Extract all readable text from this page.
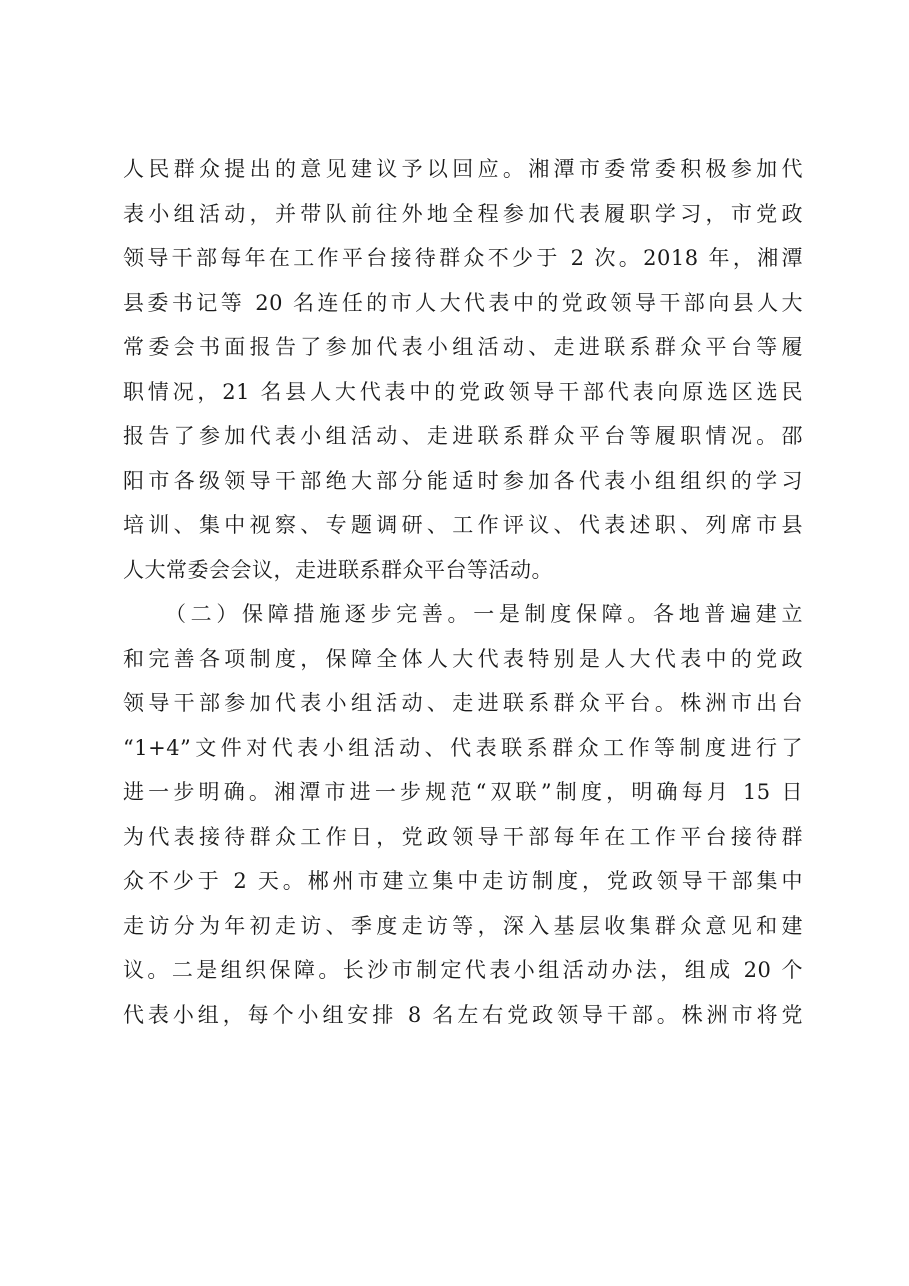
人民群众提出的意见建议予以回应。湘潭市委常委积极参加代
表小组活动，并带队前往外地全程参加代表履职学习，市党政
领导干部每年在工作平台接待群众不少于 2 次。2018 年，湘潭
县委书记等 20 名连任的市人大代表中的党政领导干部向县人大
常委会书面报告了参加代表小组活动、走进联系群众平台等履
职情况，21 名县人大代表中的党政领导干部代表向原选区选民
报告了参加代表小组活动、走进联系群众平台等履职情况。邵
阳市各级领导干部绝大部分能适时参加各代表小组组织的学习
培训、集中视察、专题调研、工作评议、代表述职、列席市县
人大常委会会议，走进联系群众平台等活动。
（二）保障措施逐步完善。一是制度保障。各地普遍建立
和完善各项制度，保障全体人大代表特别是人大代表中的党政
领导干部参加代表小组活动、走进联系群众平台。株洲市出台
“1+4”文件对代表小组活动、代表联系群众工作等制度进行了
进一步明确。湘潭市进一步规范“双联”制度，明确每月 15 日
为代表接待群众工作日，党政领导干部每年在工作平台接待群
众不少于 2 天。郴州市建立集中走访制度，党政领导干部集中
走访分为年初走访、季度走访等，深入基层收集群众意见和建
议。二是组织保障。长沙市制定代表小组活动办法，组成 20 个
代表小组，每个小组安排 8 名左右党政领导干部。株洲市将党
